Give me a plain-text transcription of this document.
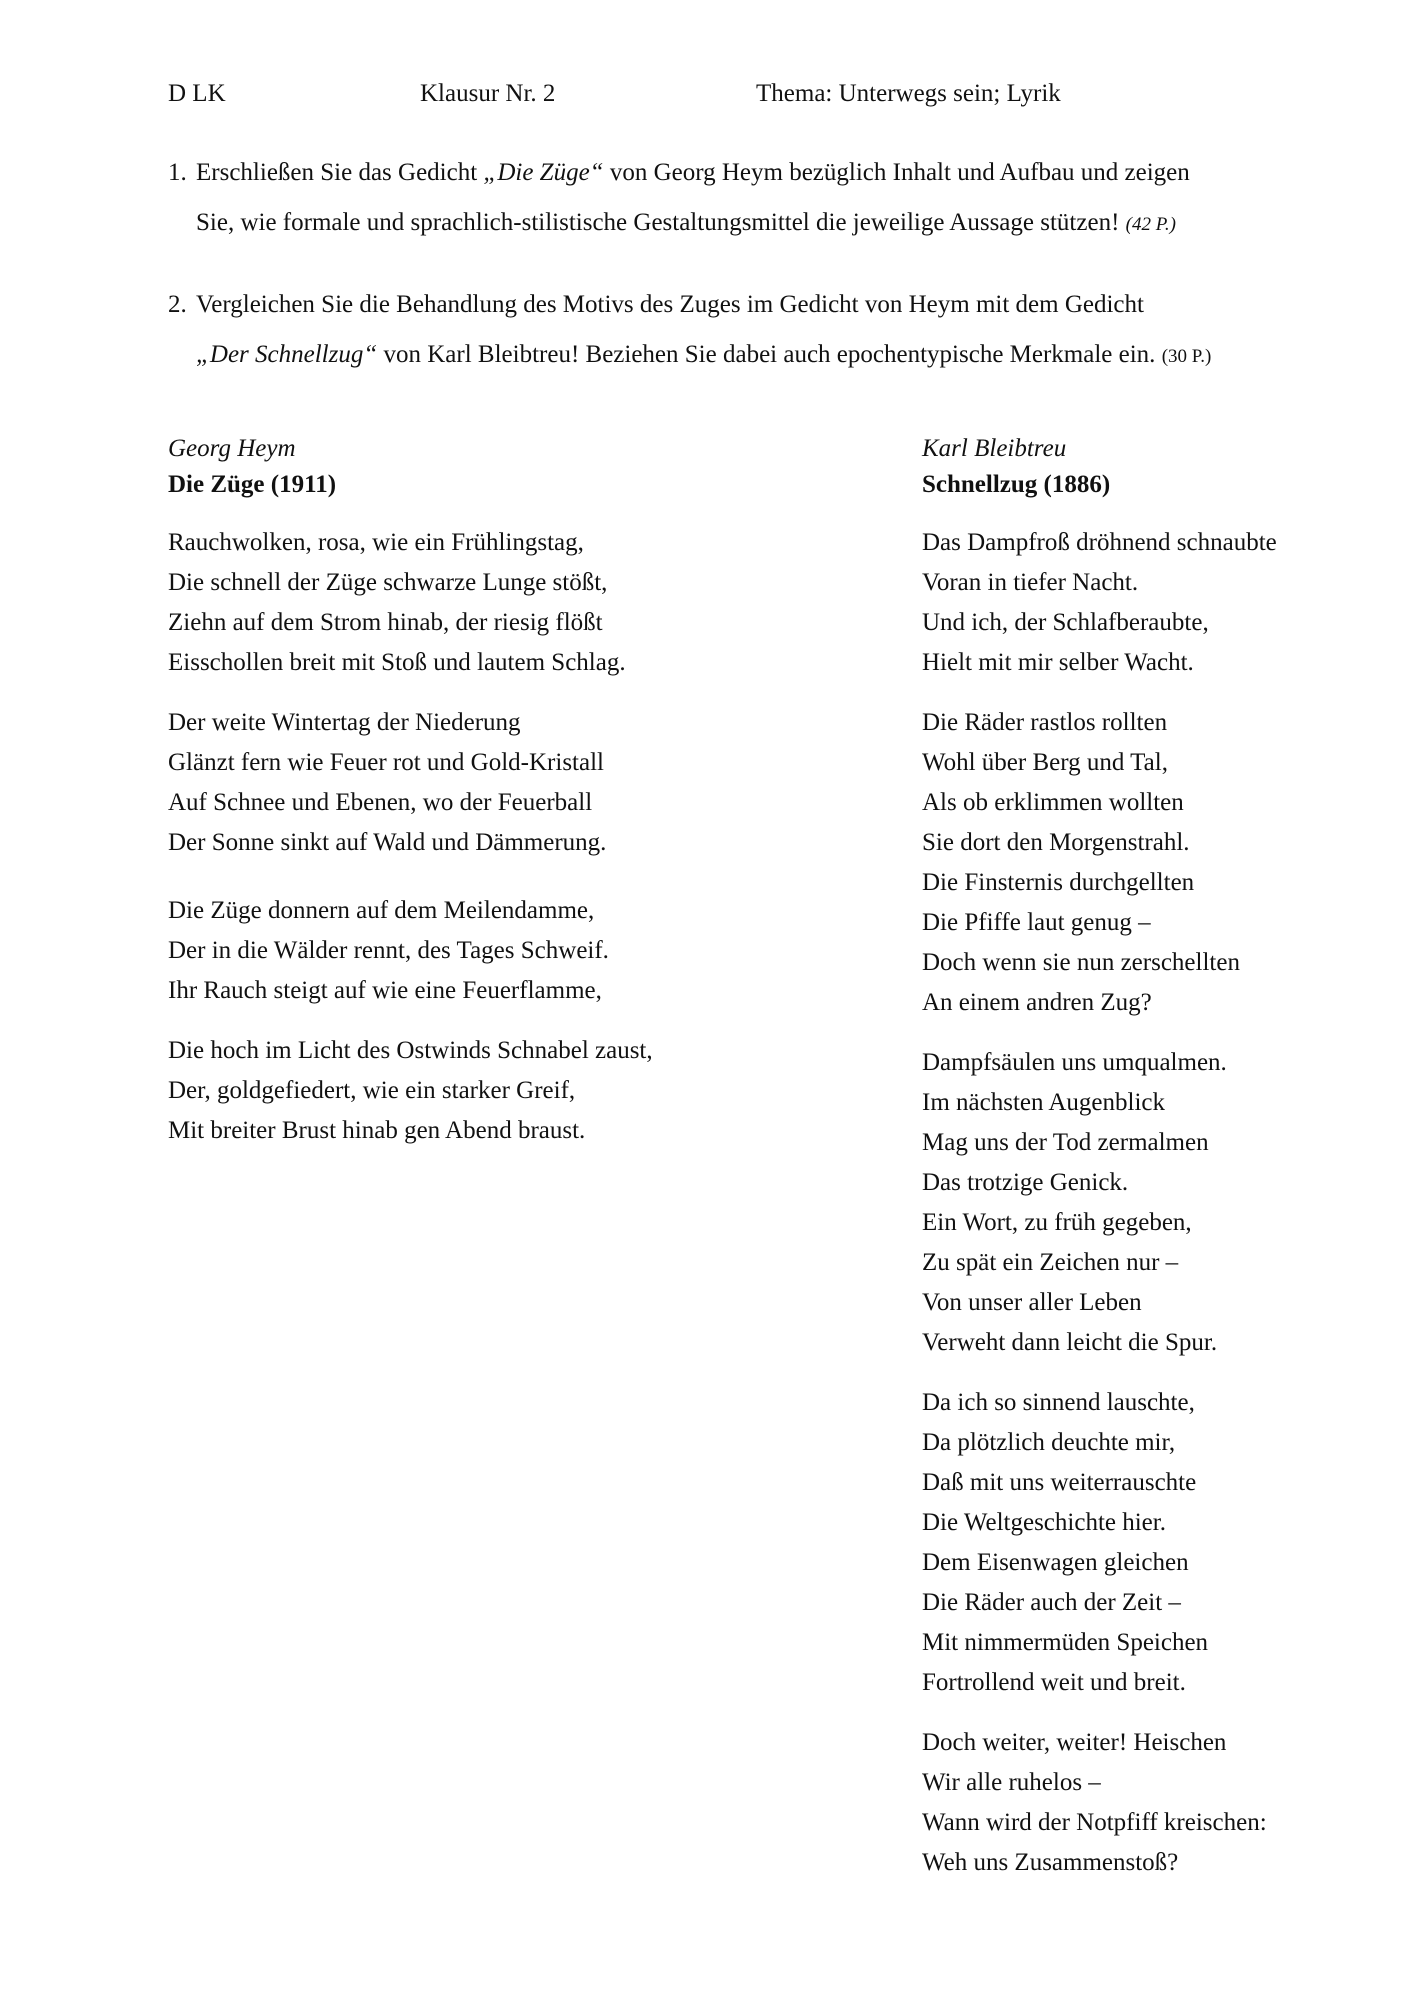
D LK	Klausur Nr. 2	Thema: Unterwegs sein; Lyrik
1. Erschließen Sie das Gedicht „Die Züge“ von Georg Heym bezüglich Inhalt und Aufbau und zeigen
Sie, wie formale und sprachlich-stilistische Gestaltungsmittel die jeweilige Aussage stützen! (42 P.)
2. Vergleichen Sie die Behandlung des Motivs des Zuges im Gedicht von Heym mit dem Gedicht
„Der Schnellzug“ von Karl Bleibtreu! Beziehen Sie dabei auch epochentypische Merkmale ein. (30 P.)
Georg Heym
Die Züge (1911)
Rauchwolken, rosa, wie ein Frühlingstag,
Die schnell der Züge schwarze Lunge stößt,
Ziehn auf dem Strom hinab, der riesig flößt
Eisschollen breit mit Stoß und lautem Schlag.
Der weite Wintertag der Niederung
Glänzt fern wie Feuer rot und Gold-Kristall
Auf Schnee und Ebenen, wo der Feuerball
Der Sonne sinkt auf Wald und Dämmerung.
Die Züge donnern auf dem Meilendamme,
Der in die Wälder rennt, des Tages Schweif.
Ihr Rauch steigt auf wie eine Feuerflamme,
Die hoch im Licht des Ostwinds Schnabel zaust,
Der, goldgefiedert, wie ein starker Greif,
Mit breiter Brust hinab gen Abend braust.
Karl Bleibtreu
Schnellzug (1886)
Das Dampfroß dröhnend schnaubte
Voran in tiefer Nacht.
Und ich, der Schlafberaubte,
Hielt mit mir selber Wacht.
Die Räder rastlos rollten
Wohl über Berg und Tal,
Als ob erklimmen wollten
Sie dort den Morgenstrahl.
Die Finsternis durchgellten
Die Pfiffe laut genug –
Doch wenn sie nun zerschellten
An einem andren Zug?
Dampfsäulen uns umqualmen.
Im nächsten Augenblick
Mag uns der Tod zermalmen
Das trotzige Genick.
Ein Wort, zu früh gegeben,
Zu spät ein Zeichen nur –
Von unser aller Leben
Verweht dann leicht die Spur.
Da ich so sinnend lauschte,
Da plötzlich deuchte mir,
Daß mit uns weiterrauschte
Die Weltgeschichte hier.
Dem Eisenwagen gleichen
Die Räder auch der Zeit –
Mit nimmermüden Speichen
Fortrollend weit und breit.
Doch weiter, weiter! Heischen
Wir alle ruhelos –
Wann wird der Notpfiff kreischen:
Weh uns Zusammenstoß?
